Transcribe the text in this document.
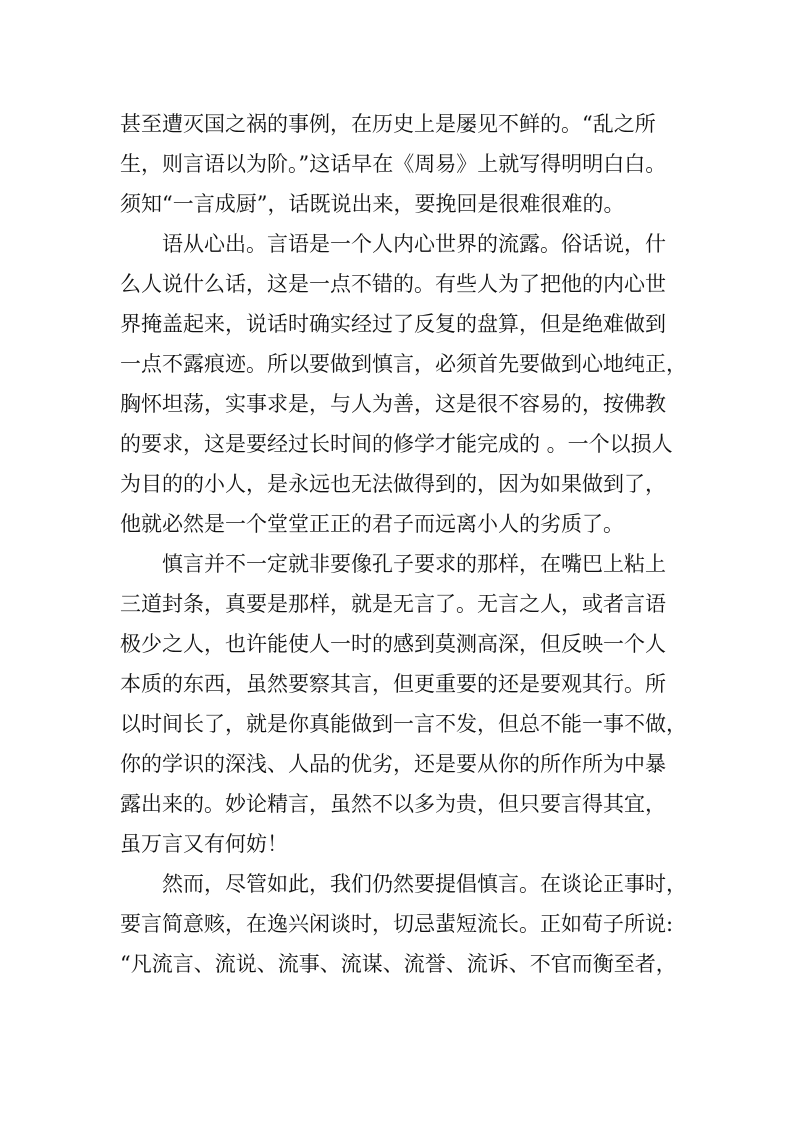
甚至遭灭国之祸的事例，在历史上是屡见不鲜的。“乱之所
生，则言语以为阶。”这话早在《周易》上就写得明明白白。
须知“一言成厨”，话既说出来，要挽回是很难很难的。
语从心出。言语是一个人内心世界的流露。俗话说，什
么人说什么话，这是一点不错的。有些人为了把他的内心世
界掩盖起来，说话时确实经过了反复的盘算，但是绝难做到
一点不露痕迹。所以要做到慎言，必须首先要做到心地纯正，
胸怀坦荡，实事求是，与人为善，这是很不容易的，按佛教
的要求，这是要经过长时间的修学才能完成的 。一个以损人
为目的的小人，是永远也无法做得到的，因为如果做到了，
他就必然是一个堂堂正正的君子而远离小人的劣质了。
慎言并不一定就非要像孔子要求的那样，在嘴巴上粘上
三道封条，真要是那样，就是无言了。无言之人，或者言语
极少之人，也许能使人一时的感到莫测高深，但反映一个人
本质的东西，虽然要察其言，但更重要的还是要观其行。所
以时间长了，就是你真能做到一言不发，但总不能一事不做，
你的学识的深浅、人品的优劣，还是要从你的所作所为中暴
露出来的。妙论精言，虽然不以多为贵，但只要言得其宜，
虽万言又有何妨！
然而，尽管如此，我们仍然要提倡慎言。在谈论正事时，
要言简意赅，在逸兴闲谈时，切忌蜚短流长。正如荀子所说:
“凡流言、流说、流事、流谋、流誉、流诉、不官而衡至者，
